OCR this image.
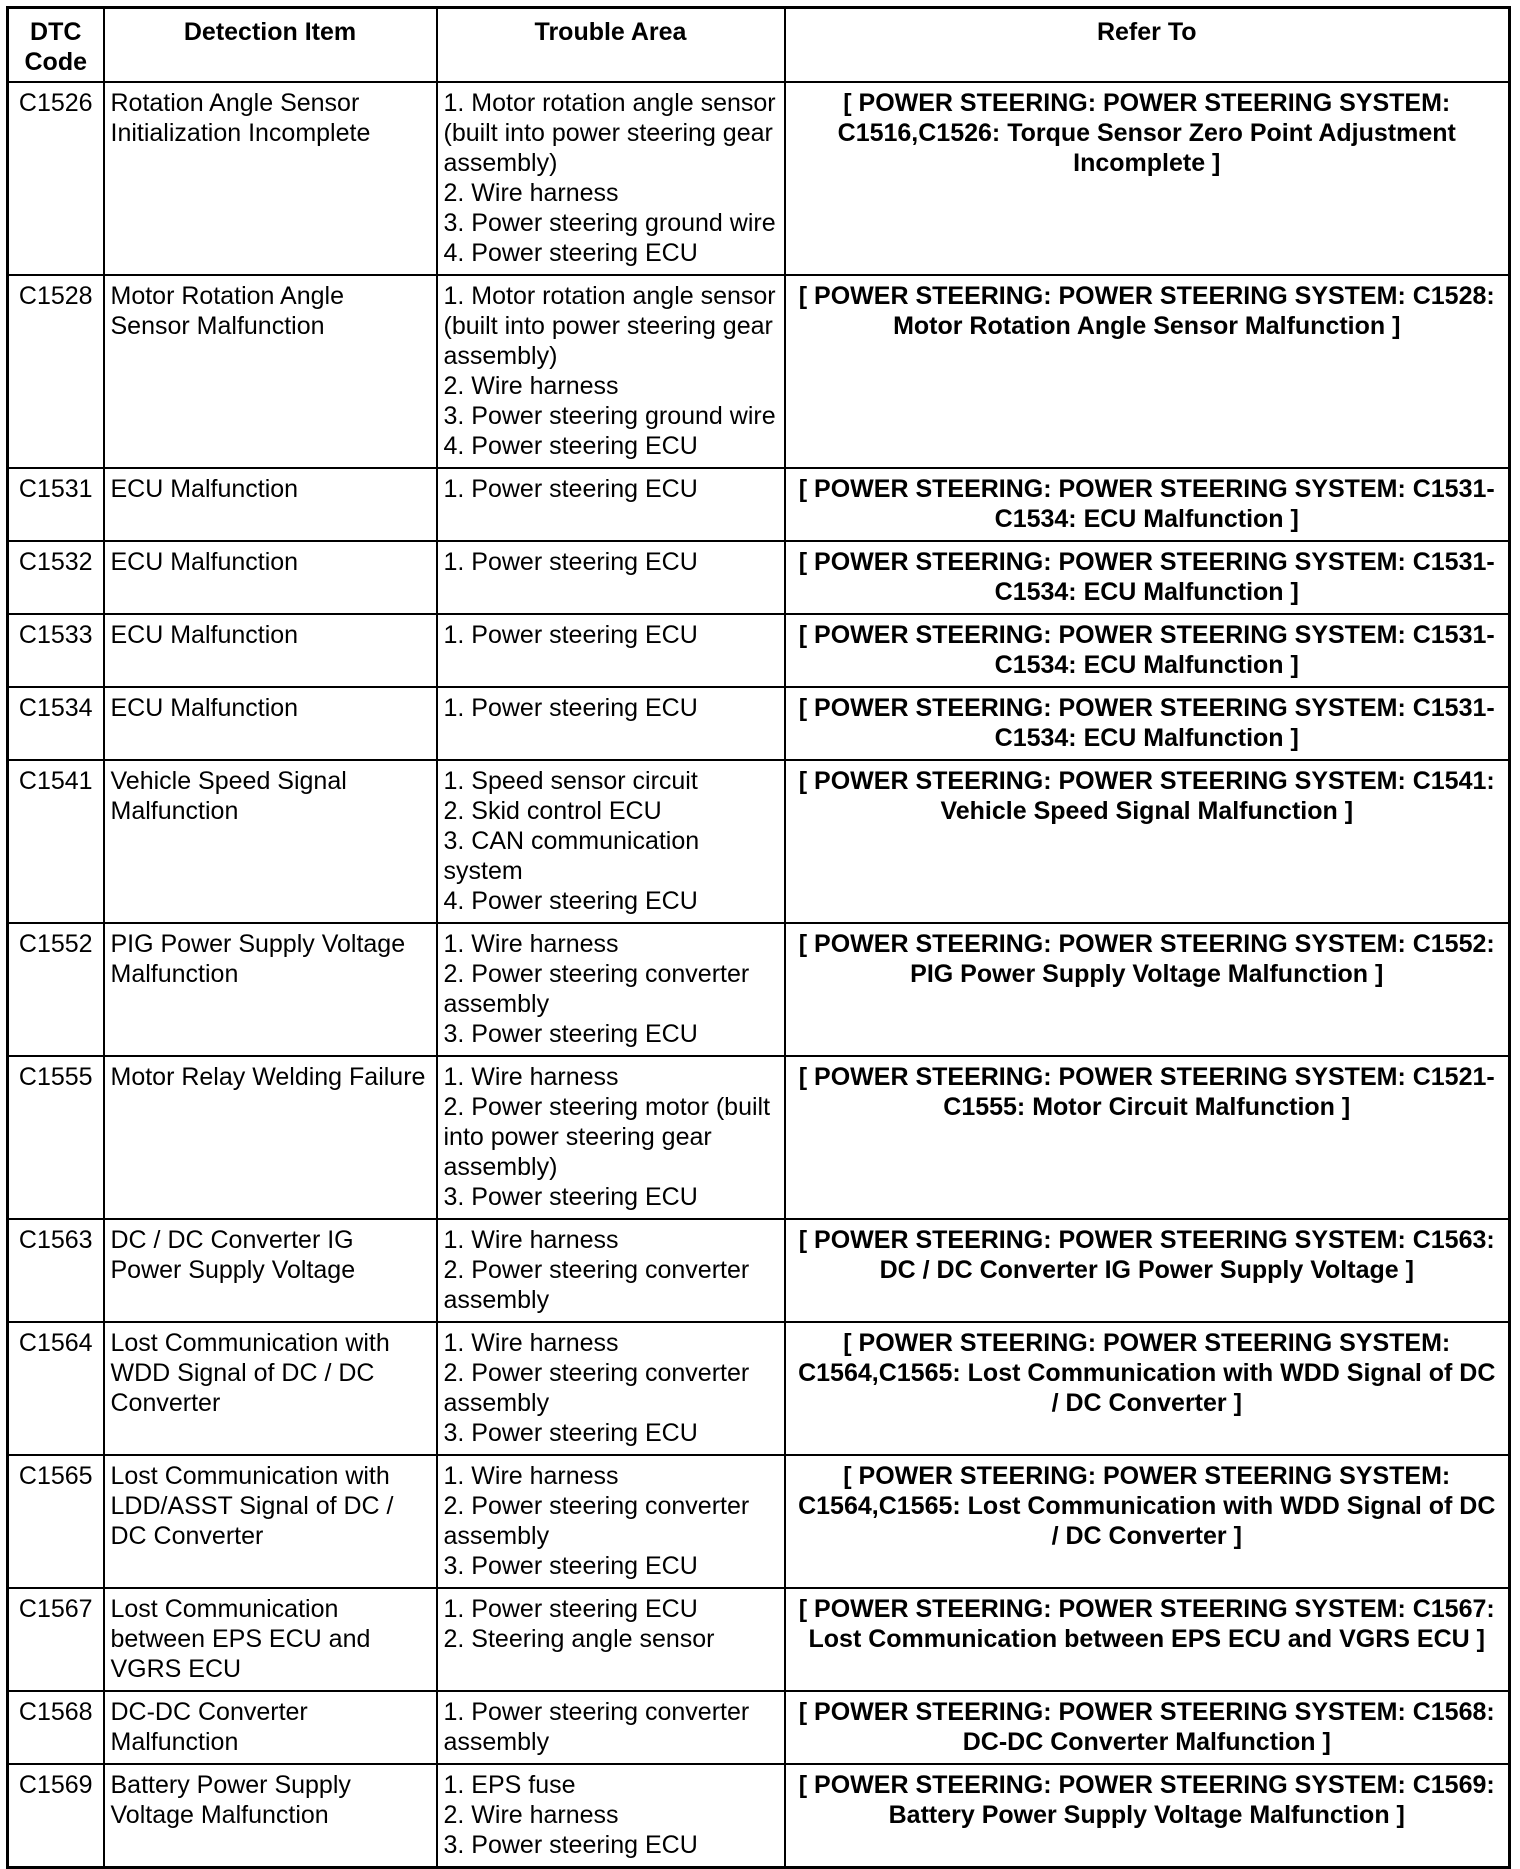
DTC Code	Detection Item	Trouble Area	Refer To
C1526	Rotation Angle Sensor Initialization Incomplete	1. Motor rotation angle sensor (built into power steering gear assembly)
2. Wire harness
3. Power steering ground wire
4. Power steering ECU	[ POWER STEERING: POWER STEERING SYSTEM: C1516,C1526: Torque Sensor Zero Point Adjustment Incomplete ]
C1528	Motor Rotation Angle Sensor Malfunction	1. Motor rotation angle sensor (built into power steering gear assembly)
2. Wire harness
3. Power steering ground wire
4. Power steering ECU	[ POWER STEERING: POWER STEERING SYSTEM: C1528: Motor Rotation Angle Sensor Malfunction ]
C1531	ECU Malfunction	1. Power steering ECU	[ POWER STEERING: POWER STEERING SYSTEM: C1531-C1534: ECU Malfunction ]
C1532	ECU Malfunction	1. Power steering ECU	[ POWER STEERING: POWER STEERING SYSTEM: C1531-C1534: ECU Malfunction ]
C1533	ECU Malfunction	1. Power steering ECU	[ POWER STEERING: POWER STEERING SYSTEM: C1531-C1534: ECU Malfunction ]
C1534	ECU Malfunction	1. Power steering ECU	[ POWER STEERING: POWER STEERING SYSTEM: C1531-C1534: ECU Malfunction ]
C1541	Vehicle Speed Signal Malfunction	1. Speed sensor circuit
2. Skid control ECU
3. CAN communication system
4. Power steering ECU	[ POWER STEERING: POWER STEERING SYSTEM: C1541: Vehicle Speed Signal Malfunction ]
C1552	PIG Power Supply Voltage Malfunction	1. Wire harness
2. Power steering converter assembly
3. Power steering ECU	[ POWER STEERING: POWER STEERING SYSTEM: C1552: PIG Power Supply Voltage Malfunction ]
C1555	Motor Relay Welding Failure	1. Wire harness
2. Power steering motor (built into power steering gear assembly)
3. Power steering ECU	[ POWER STEERING: POWER STEERING SYSTEM: C1521-C1555: Motor Circuit Malfunction ]
C1563	DC / DC Converter IG Power Supply Voltage	1. Wire harness
2. Power steering converter assembly	[ POWER STEERING: POWER STEERING SYSTEM: C1563: DC / DC Converter IG Power Supply Voltage ]
C1564	Lost Communication with WDD Signal of DC / DC Converter	1. Wire harness
2. Power steering converter assembly
3. Power steering ECU	[ POWER STEERING: POWER STEERING SYSTEM: C1564,C1565: Lost Communication with WDD Signal of DC / DC Converter ]
C1565	Lost Communication with LDD/ASST Signal of DC / DC Converter	1. Wire harness
2. Power steering converter assembly
3. Power steering ECU	[ POWER STEERING: POWER STEERING SYSTEM: C1564,C1565: Lost Communication with WDD Signal of DC / DC Converter ]
C1567	Lost Communication between EPS ECU and VGRS ECU	1. Power steering ECU
2. Steering angle sensor	[ POWER STEERING: POWER STEERING SYSTEM: C1567: Lost Communication between EPS ECU and VGRS ECU ]
C1568	DC-DC Converter Malfunction	1. Power steering converter assembly	[ POWER STEERING: POWER STEERING SYSTEM: C1568: DC-DC Converter Malfunction ]
C1569	Battery Power Supply Voltage Malfunction	1. EPS fuse
2. Wire harness
3. Power steering ECU	[ POWER STEERING: POWER STEERING SYSTEM: C1569: Battery Power Supply Voltage Malfunction ]
